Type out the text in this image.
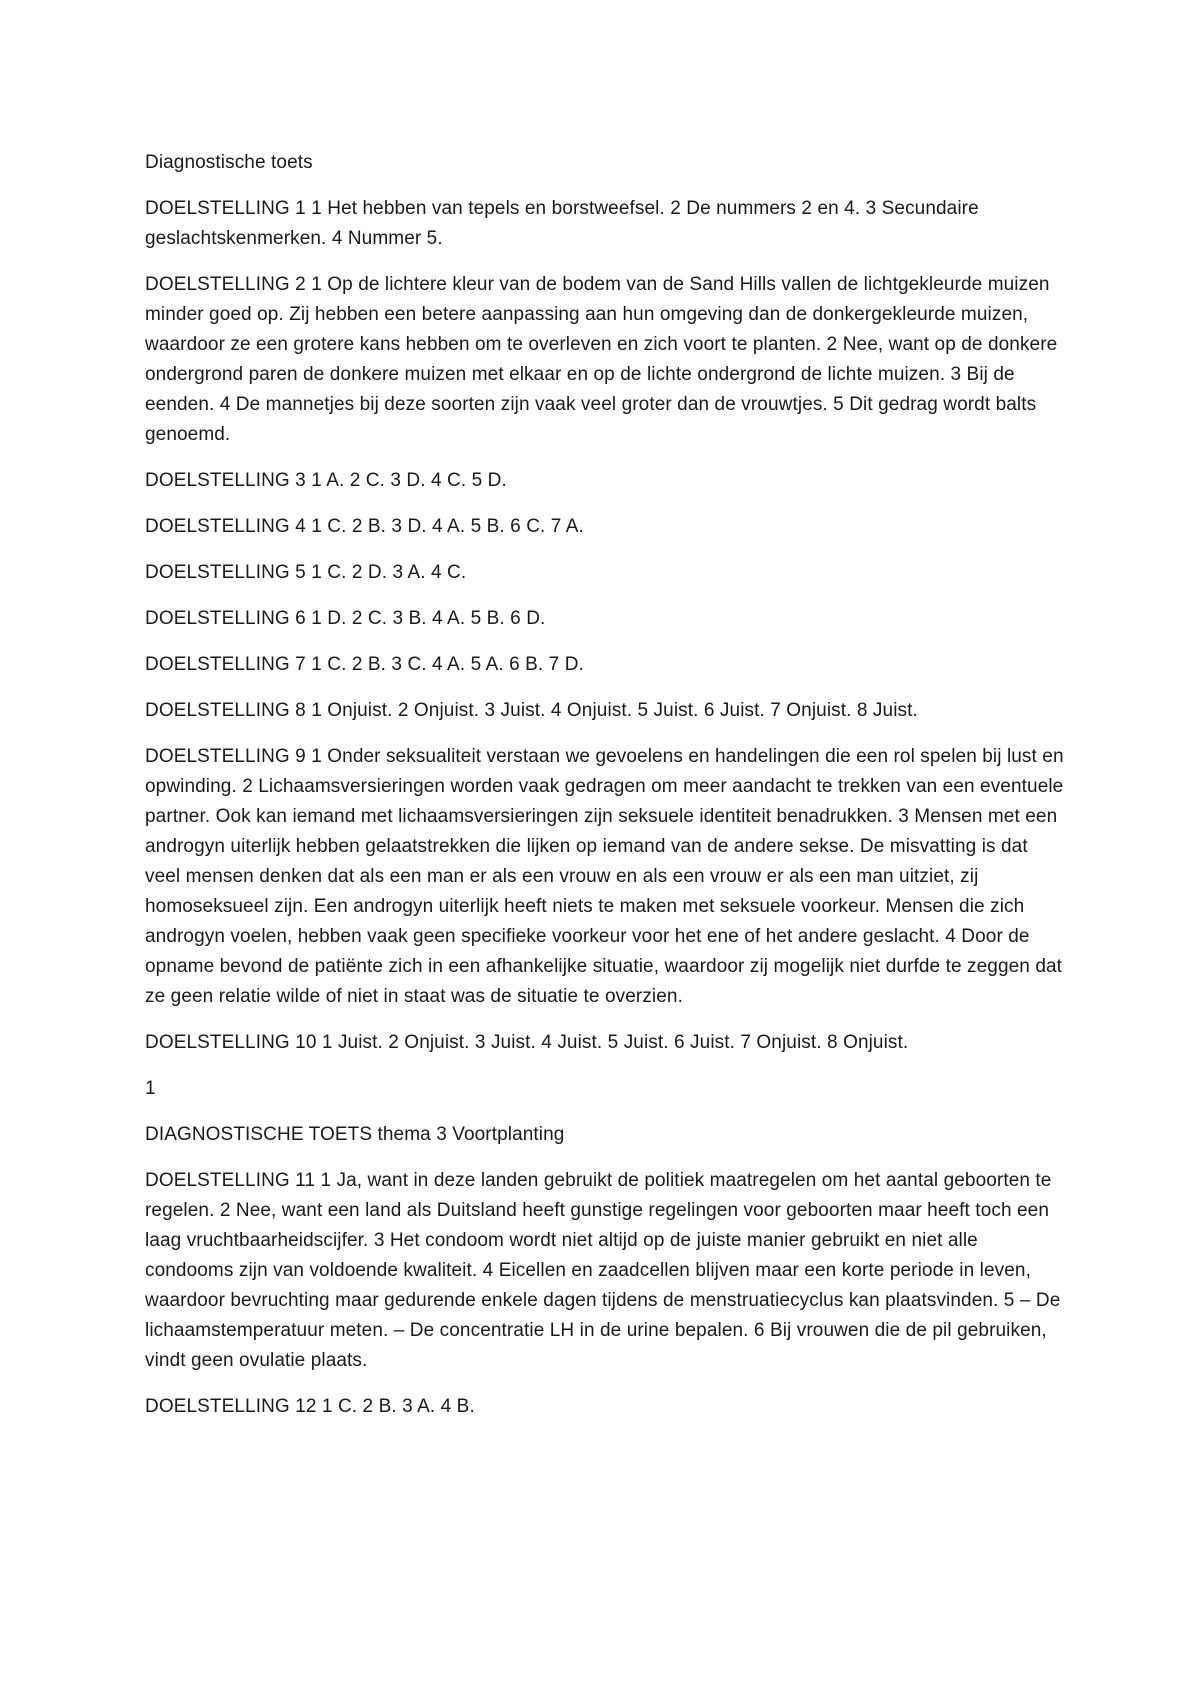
Diagnostische toets

DOELSTELLING 1 1 Het hebben van tepels en borstweefsel. 2 De nummers 2 en 4. 3 Secundaire geslachtskenmerken. 4 Nummer 5.

DOELSTELLING 2 1 Op de lichtere kleur van de bodem van de Sand Hills vallen de lichtgekleurde muizen minder goed op. Zij hebben een betere aanpassing aan hun omgeving dan de donkergekleurde muizen, waardoor ze een grotere kans hebben om te overleven en zich voort te planten. 2 Nee, want op de donkere ondergrond paren de donkere muizen met elkaar en op de lichte ondergrond de lichte muizen. 3 Bij de eenden. 4 De mannetjes bij deze soorten zijn vaak veel groter dan de vrouwtjes. 5 Dit gedrag wordt balts genoemd.

DOELSTELLING 3 1 A. 2 C. 3 D. 4 C. 5 D.

DOELSTELLING 4 1 C. 2 B. 3 D. 4 A. 5 B. 6 C. 7 A.

DOELSTELLING 5 1 C. 2 D. 3 A. 4 C.

DOELSTELLING 6 1 D. 2 C. 3 B. 4 A. 5 B. 6 D.

DOELSTELLING 7 1 C. 2 B. 3 C. 4 A. 5 A. 6 B. 7 D.

DOELSTELLING 8 1 Onjuist. 2 Onjuist. 3 Juist. 4 Onjuist. 5 Juist. 6 Juist. 7 Onjuist. 8 Juist.

DOELSTELLING 9 1 Onder seksualiteit verstaan we gevoelens en handelingen die een rol spelen bij lust en opwinding. 2 Lichaamsversieringen worden vaak gedragen om meer aandacht te trekken van een eventuele partner. Ook kan iemand met lichaamsversieringen zijn seksuele identiteit benadrukken. 3 Mensen met een androgyn uiterlijk hebben gelaatstrekken die lijken op iemand van de andere sekse. De misvatting is dat veel mensen denken dat als een man er als een vrouw en als een vrouw er als een man uitziet, zij homoseksueel zijn. Een androgyn uiterlijk heeft niets te maken met seksuele voorkeur. Mensen die zich androgyn voelen, hebben vaak geen specifieke voorkeur voor het ene of het andere geslacht. 4 Door de opname bevond de patiënte zich in een afhankelijke situatie, waardoor zij mogelijk niet durfde te zeggen dat ze geen relatie wilde of niet in staat was de situatie te overzien.

DOELSTELLING 10 1 Juist. 2 Onjuist. 3 Juist. 4 Juist. 5 Juist. 6 Juist. 7 Onjuist. 8 Onjuist.

1

DIAGNOSTISCHE TOETS thema 3 Voortplanting

DOELSTELLING 11 1 Ja, want in deze landen gebruikt de politiek maatregelen om het aantal geboorten te regelen. 2 Nee, want een land als Duitsland heeft gunstige regelingen voor geboorten maar heeft toch een laag vruchtbaarheidscijfer. 3 Het condoom wordt niet altijd op de juiste manier gebruikt en niet alle condooms zijn van voldoende kwaliteit. 4 Eicellen en zaadcellen blijven maar een korte periode in leven, waardoor bevruchting maar gedurende enkele dagen tijdens de menstruatiecyclus kan plaatsvinden. 5 – De lichaamstemperatuur meten. – De concentratie LH in de urine bepalen. 6 Bij vrouwen die de pil gebruiken, vindt geen ovulatie plaats.

DOELSTELLING 12 1 C. 2 B. 3 A. 4 B.
